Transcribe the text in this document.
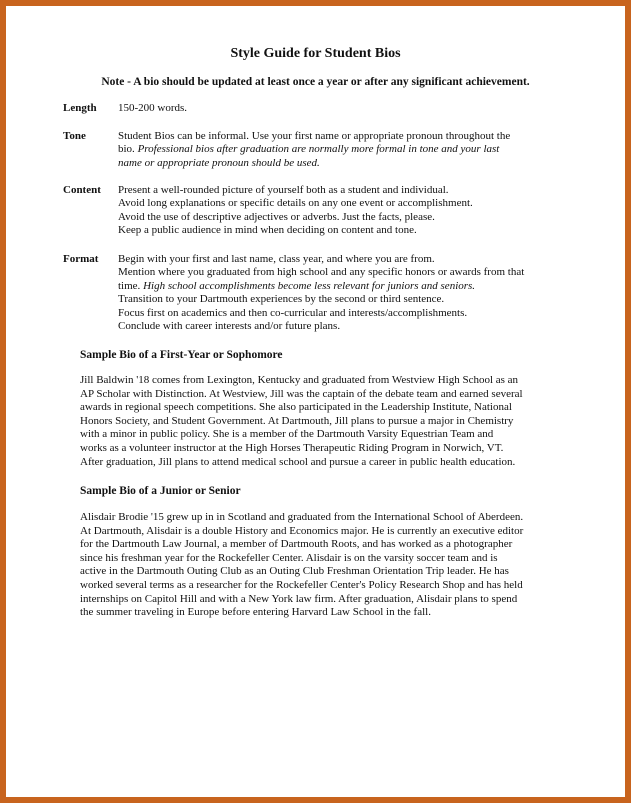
Style Guide for Student Bios
Note - A bio should be updated at least once a year or after any significant achievement.
Length	150-200 words.
Tone	Student Bios can be informal. Use your first name or appropriate pronoun throughout the
bio. Professional bios after graduation are normally more formal in tone and your last
name or appropriate pronoun should be used.
Content	Present a well-rounded picture of yourself both as a student and individual.
Avoid long explanations or specific details on any one event or accomplishment.
Avoid the use of descriptive adjectives or adverbs. Just the facts, please.
Keep a public audience in mind when deciding on content and tone.
Format	Begin with your first and last name, class year, and where you are from.
Mention where you graduated from high school and any specific honors or awards from that
time. High school accomplishments become less relevant for juniors and seniors.
Transition to your Dartmouth experiences by the second or third sentence.
Focus first on academics and then co-curricular and interests/accomplishments.
Conclude with career interests and/or future plans.
Sample Bio of a First-Year or Sophomore
Jill Baldwin '18 comes from Lexington, Kentucky and graduated from Westview High School as an
AP Scholar with Distinction. At Westview, Jill was the captain of the debate team and earned several
awards in regional speech competitions. She also participated in the Leadership Institute, National
Honors Society, and Student Government. At Dartmouth, Jill plans to pursue a major in Chemistry
with a minor in public policy. She is a member of the Dartmouth Varsity Equestrian Team and
works as a volunteer instructor at the High Horses Therapeutic Riding Program in Norwich, VT.
After graduation, Jill plans to attend medical school and pursue a career in public health education.
Sample Bio of a Junior or Senior
Alisdair Brodie '15 grew up in in Scotland and graduated from the International School of Aberdeen.
At Dartmouth, Alisdair is a double History and Economics major. He is currently an executive editor
for the Dartmouth Law Journal, a member of Dartmouth Roots, and has worked as a photographer
since his freshman year for the Rockefeller Center. Alisdair is on the varsity soccer team and is
active in the Dartmouth Outing Club as an Outing Club Freshman Orientation Trip leader. He has
worked several terms as a researcher for the Rockefeller Center's Policy Research Shop and has held
internships on Capitol Hill and with a New York law firm. After graduation, Alisdair plans to spend
the summer traveling in Europe before entering Harvard Law School in the fall.
